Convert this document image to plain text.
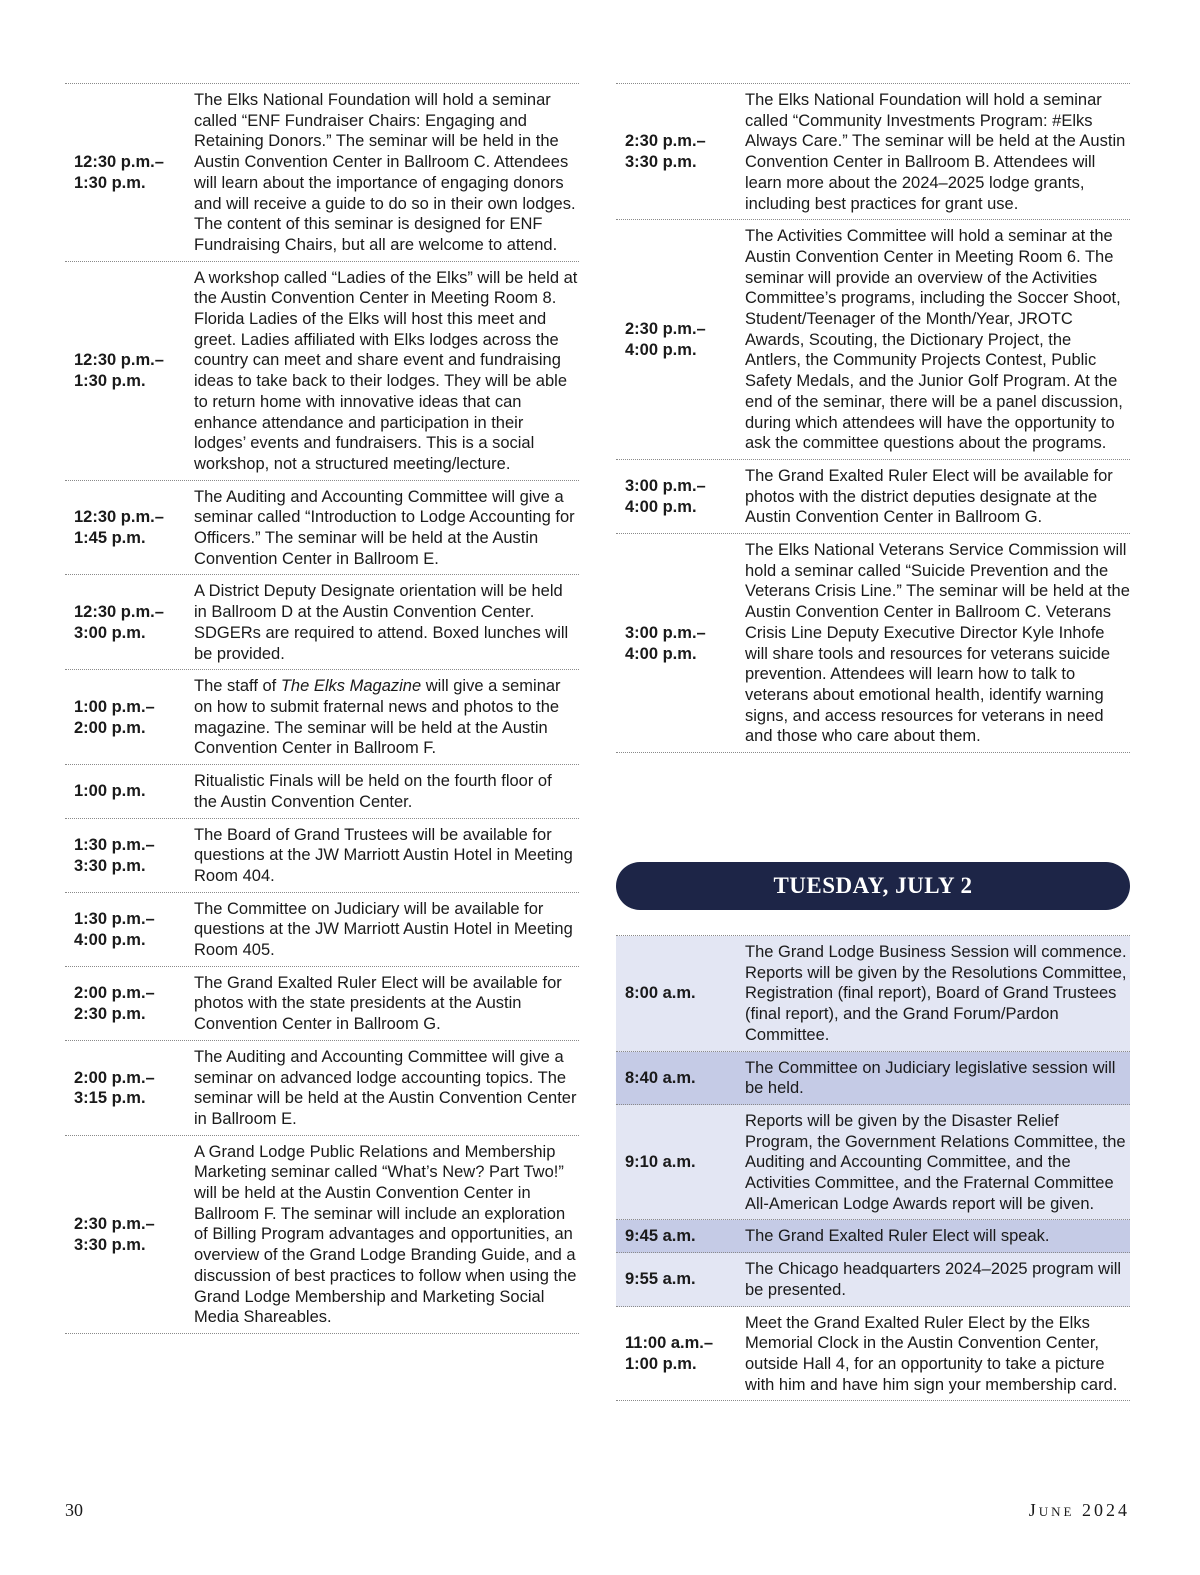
12:30 p.m.–
1:30 p.m.
The Elks National Foundation will hold a seminar called “ENF Fundraiser Chairs: Engaging and Retaining Donors.” The seminar will be held in the Austin Convention Center in Ballroom C. Attendees will learn about the importance of engaging donors and will receive a guide to do so in their own lodges. The content of this seminar is designed for ENF Fundraising Chairs, but all are welcome to attend.
12:30 p.m.–
1:30 p.m.
A workshop called “Ladies of the Elks” will be held at the Austin Convention Center in Meeting Room 8. Florida Ladies of the Elks will host this meet and greet. Ladies affiliated with Elks lodges across the country can meet and share event and fundraising ideas to take back to their lodges. They will be able to return home with innovative ideas that can enhance attendance and participation in their lodges’ events and fundraisers. This is a social workshop, not a structured meeting/lecture.
12:30 p.m.–
1:45 p.m.
The Auditing and Accounting Committee will give a seminar called “Introduction to Lodge Accounting for Officers.” The seminar will be held at the Austin Convention Center in Ballroom E.
12:30 p.m.–
3:00 p.m.
A District Deputy Designate orientation will be held in Ballroom D at the Austin Convention Center. SDGERs are required to attend. Boxed lunches will be provided.
1:00 p.m.–
2:00 p.m.
The staff of The Elks Magazine will give a seminar on how to submit fraternal news and photos to the magazine. The seminar will be held at the Austin Convention Center in Ballroom F.
1:00 p.m.
Ritualistic Finals will be held on the fourth floor of the Austin Convention Center.
1:30 p.m.–
3:30 p.m.
The Board of Grand Trustees will be available for questions at the JW Marriott Austin Hotel in Meeting Room 404.
1:30 p.m.–
4:00 p.m.
The Committee on Judiciary will be available for questions at the JW Marriott Austin Hotel in Meeting Room 405.
2:00 p.m.–
2:30 p.m.
The Grand Exalted Ruler Elect will be available for photos with the state presidents at the Austin Convention Center in Ballroom G.
2:00 p.m.–
3:15 p.m.
The Auditing and Accounting Committee will give a seminar on advanced lodge accounting topics. The seminar will be held at the Austin Convention Center in Ballroom E.
2:30 p.m.–
3:30 p.m.
A Grand Lodge Public Relations and Membership Marketing seminar called “What’s New? Part Two!” will be held at the Austin Convention Center in Ballroom F. The seminar will include an exploration of Billing Program advantages and opportunities, an overview of the Grand Lodge Branding Guide, and a discussion of best practices to follow when using the Grand Lodge Membership and Marketing Social Media Shareables.
2:30 p.m.–
3:30 p.m.
The Elks National Foundation will hold a seminar called “Community Investments Program: #Elks Always Care.” The seminar will be held at the Austin Convention Center in Ballroom B. Attendees will learn more about the 2024–2025 lodge grants, including best practices for grant use.
2:30 p.m.–
4:00 p.m.
The Activities Committee will hold a seminar at the Austin Convention Center in Meeting Room 6. The seminar will provide an overview of the Activities Committee’s programs, including the Soccer Shoot, Student/Teenager of the Month/Year, JROTC Awards, Scouting, the Dictionary Project, the Antlers, the Community Projects Contest, Public Safety Medals, and the Junior Golf Program. At the end of the seminar, there will be a panel discussion, during which attendees will have the opportunity to ask the committee questions about the programs.
3:00 p.m.–
4:00 p.m.
The Grand Exalted Ruler Elect will be available for photos with the district deputies designate at the Austin Convention Center in Ballroom G.
3:00 p.m.–
4:00 p.m.
The Elks National Veterans Service Commission will hold a seminar called “Suicide Prevention and the Veterans Crisis Line.” The seminar will be held at the Austin Convention Center in Ballroom C. Veterans Crisis Line Deputy Executive Director Kyle Inhofe will share tools and resources for veterans suicide prevention. Attendees will learn how to talk to veterans about emotional health, identify warning signs, and access resources for veterans in need and those who care about them.
TUESDAY, JULY 2
8:00 a.m.
The Grand Lodge Business Session will commence. Reports will be given by the Resolutions Committee, Registration (final report), Board of Grand Trustees (final report), and the Grand Forum/Pardon Committee.
8:40 a.m.
The Committee on Judiciary legislative session will be held.
9:10 a.m.
Reports will be given by the Disaster Relief Program, the Government Relations Committee, the Auditing and Accounting Committee, and the Activities Committee, and the Fraternal Committee All-American Lodge Awards report will be given.
9:45 a.m.	The Grand Exalted Ruler Elect will speak.
9:55 a.m.
The Chicago headquarters 2024–2025 program will be presented.
11:00 a.m.–
1:00 p.m.
Meet the Grand Exalted Ruler Elect by the Elks Memorial Clock in the Austin Convention Center, outside Hall 4, for an opportunity to take a picture with him and have him sign your membership card.
30	June 2024
